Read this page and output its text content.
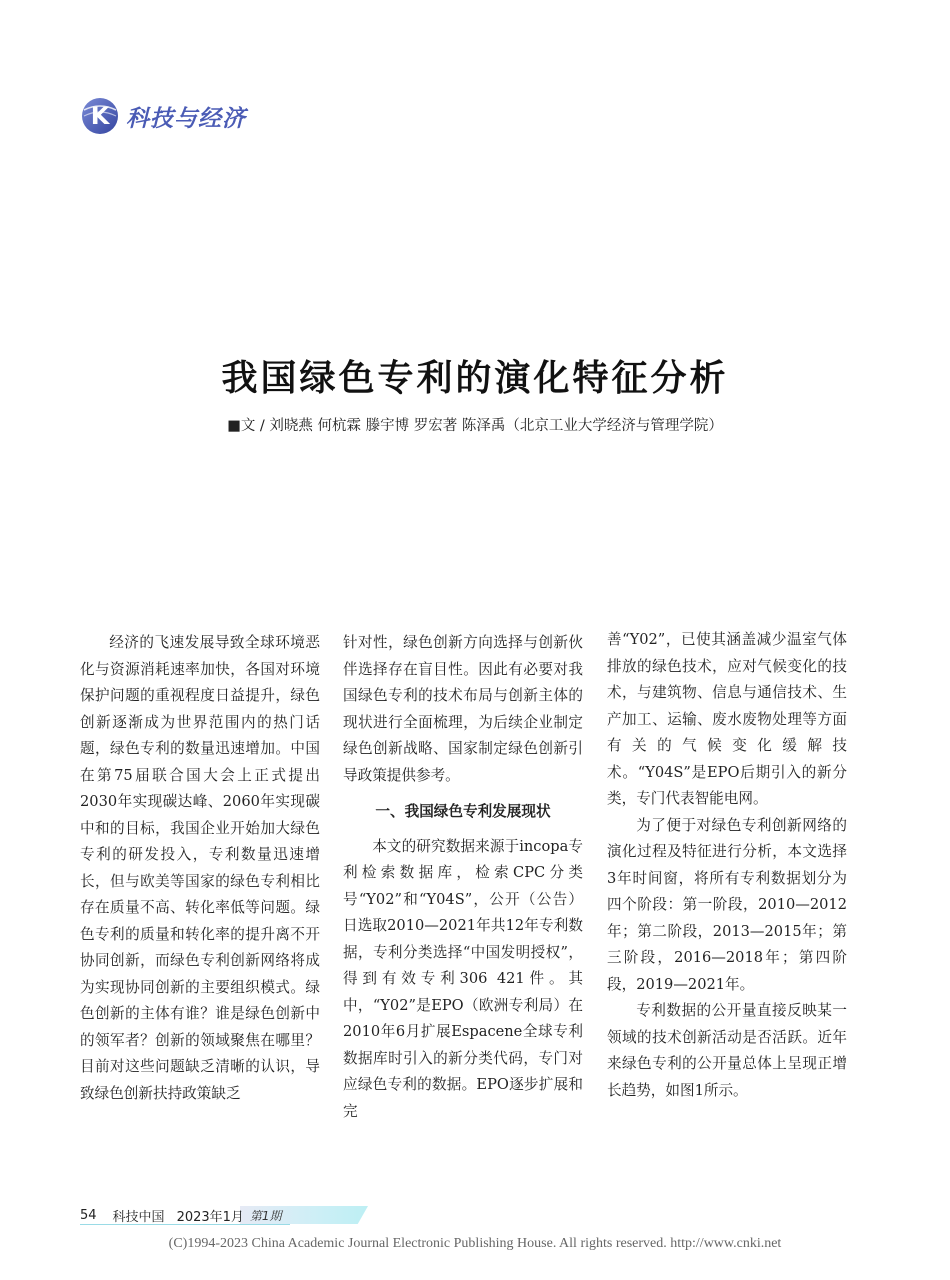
K 科技与经济
我国绿色专利的演化特征分析
■文 / 刘晓燕 何杭霖 滕宇博 罗宏著 陈泽禹（北京工业大学经济与管理学院）

经济的飞速发展导致全球环境恶化与资源消耗速率加快，各国对环境保护问题的重视程度日益提升，绿色创新逐渐成为世界范围内的热门话题，绿色专利的数量迅速增加。中国在第75届联合国大会上正式提出2030年实现碳达峰、2060年实现碳中和的目标，我国企业开始加大绿色专利的研发投入，专利数量迅速增长，但与欧美等国家的绿色专利相比存在质量不高、转化率低等问题。绿色专利的质量和转化率的提升离不开协同创新，而绿色专利创新网络将成为实现协同创新的主要组织模式。绿色创新的主体有谁？谁是绿色创新中的领军者？创新的领域聚焦在哪里？目前对这些问题缺乏清晰的认识，导致绿色创新扶持政策缺乏

针对性，绿色创新方向选择与创新伙伴选择存在盲目性。因此有必要对我国绿色专利的技术布局与创新主体的现状进行全面梳理，为后续企业制定绿色创新战略、国家制定绿色创新引导政策提供参考。

一、我国绿色专利发展现状

本文的研究数据来源于incopa专利检索数据库，检索CPC分类号“Y02”和“Y04S”，公开（公告）日选取2010—2021年共12年专利数据，专利分类选择“中国发明授权”，得到有效专利306 421件。其中，“Y02”是EPO（欧洲专利局）在2010年6月扩展Espacene全球专利数据库时引入的新分类代码，专门对应绿色专利的数据。EPO逐步扩展和完

善“Y02”，已使其涵盖减少温室气体排放的绿色技术，应对气候变化的技术，与建筑物、信息与通信技术、生产加工、运输、废水废物处理等方面有关的气候变化缓解技术。“Y04S”是EPO后期引入的新分类，专门代表智能电网。

为了便于对绿色专利创新网络的演化过程及特征进行分析，本文选择3年时间窗，将所有专利数据划分为四个阶段：第一阶段，2010—2012年；第二阶段，2013—2015年；第三阶段，2016—2018年；第四阶段，2019—2021年。

专利数据的公开量直接反映某一领域的技术创新活动是否活跃。近年来绿色专利的公开量总体上呈现正增长趋势，如图1所示。

54 科技中国 2023年1月 第1期
(C)1994-2023 China Academic Journal Electronic Publishing House. All rights reserved. http://www.cnki.net
